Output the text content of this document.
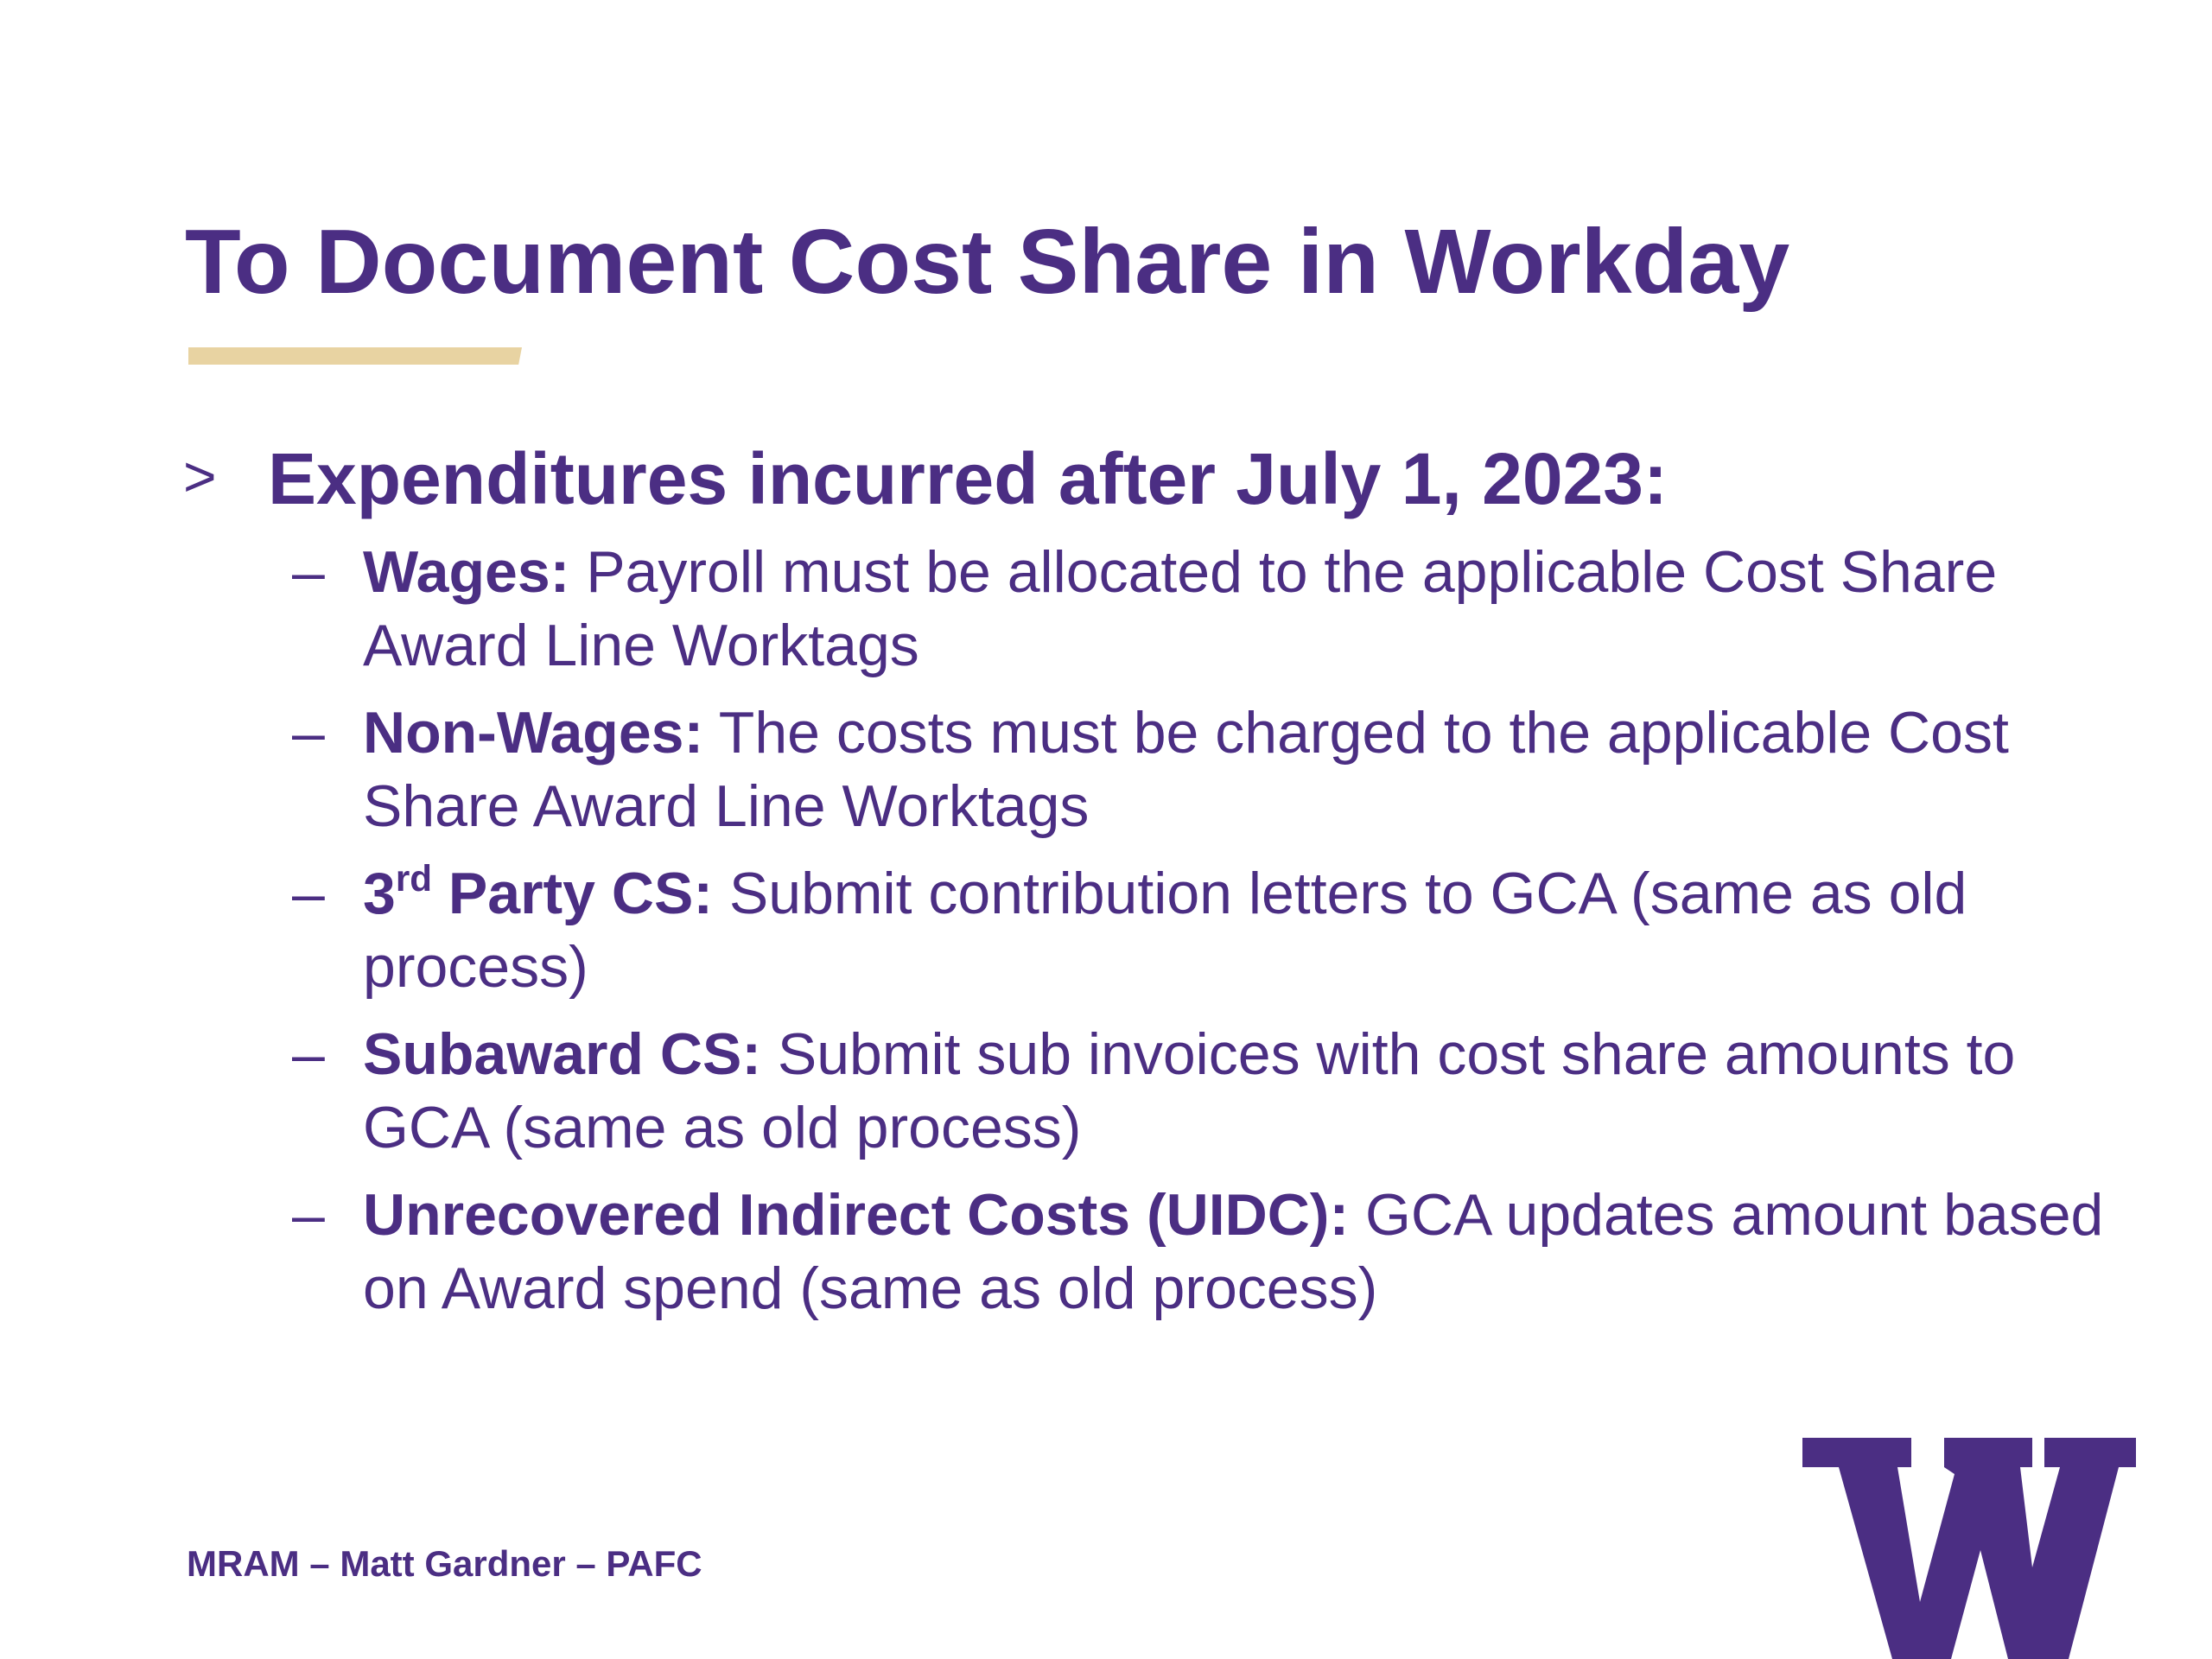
To Document Cost Share in Workday
> Expenditures incurred after July 1, 2023:
– Wages: Payroll must be allocated to the applicable Cost Share Award Line Worktags
– Non-Wages: The costs must be charged to the applicable Cost Share Award Line Worktags
– 3rd Party CS: Submit contribution letters to GCA (same as old process)
– Subaward CS: Submit sub invoices with cost share amounts to GCA (same as old process)
– Unrecovered Indirect Costs (UIDC): GCA updates amount based on Award spend (same as old process)
MRAM – Matt Gardner – PAFC
